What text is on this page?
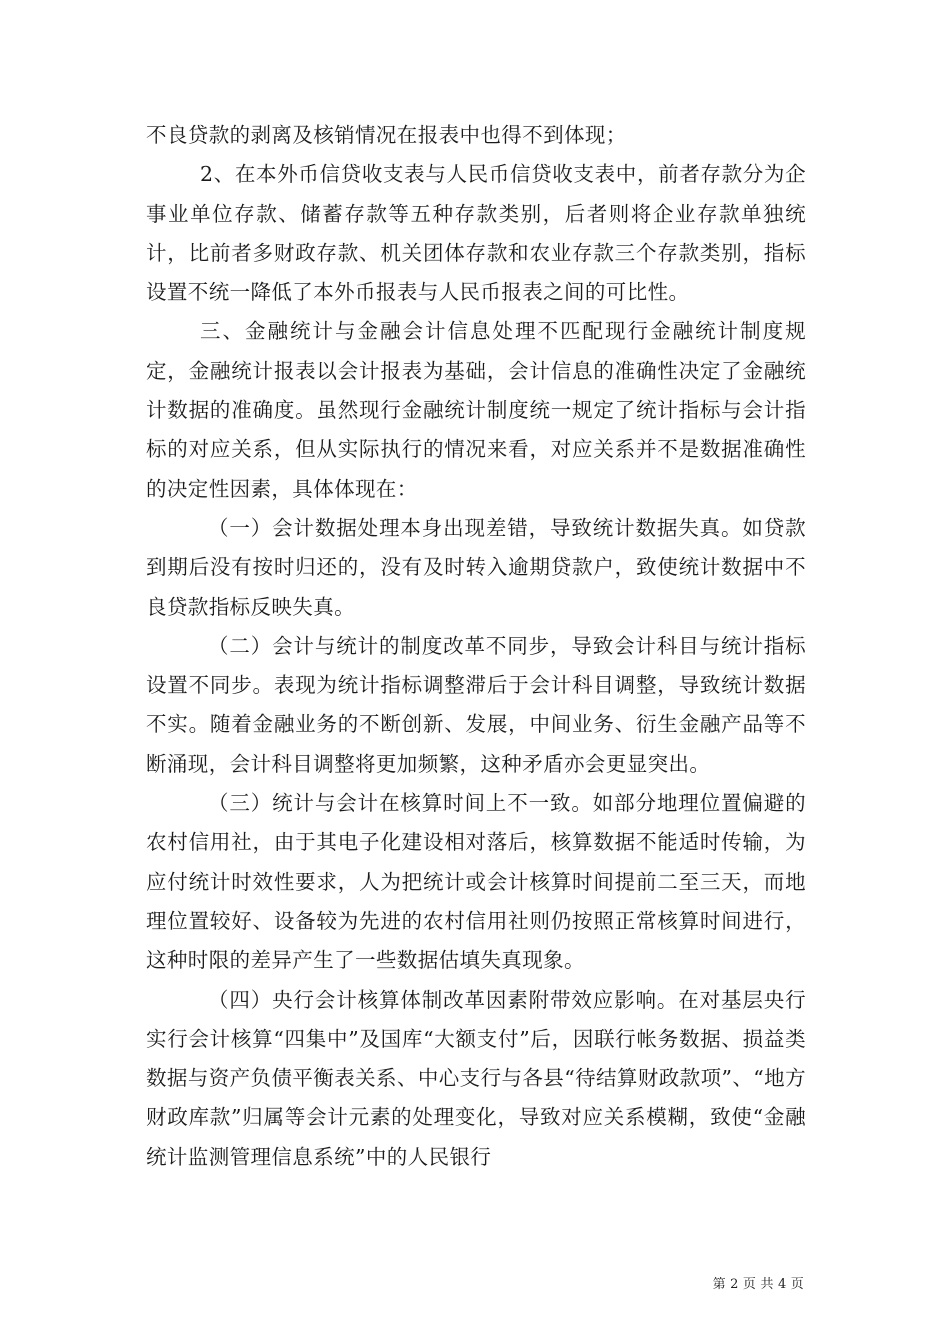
不良贷款的剥离及核销情况在报表中也得不到体现；

2、在本外币信贷收支表与人民币信贷收支表中，前者存款分为企事业单位存款、储蓄存款等五种存款类别，后者则将企业存款单独统计，比前者多财政存款、机关团体存款和农业存款三个存款类别，指标设置不统一降低了本外币报表与人民币报表之间的可比性。

三、金融统计与金融会计信息处理不匹配现行金融统计制度规定，金融统计报表以会计报表为基础，会计信息的准确性决定了金融统计数据的准确度。虽然现行金融统计制度统一规定了统计指标与会计指标的对应关系，但从实际执行的情况来看，对应关系并不是数据准确性的决定性因素，具体体现在：

（一）会计数据处理本身出现差错，导致统计数据失真。如贷款到期后没有按时归还的，没有及时转入逾期贷款户，致使统计数据中不良贷款指标反映失真。

（二）会计与统计的制度改革不同步，导致会计科目与统计指标设置不同步。表现为统计指标调整滞后于会计科目调整，导致统计数据不实。随着金融业务的不断创新、发展，中间业务、衍生金融产品等不断涌现，会计科目调整将更加频繁，这种矛盾亦会更显突出。

（三）统计与会计在核算时间上不一致。如部分地理位置偏避的农村信用社，由于其电子化建设相对落后，核算数据不能适时传输，为应付统计时效性要求，人为把统计或会计核算时间提前二至三天，而地理位置较好、设备较为先进的农村信用社则仍按照正常核算时间进行，这种时限的差异产生了一些数据估填失真现象。

（四）央行会计核算体制改革因素附带效应影响。在对基层央行实行会计核算“四集中”及国库“大额支付”后，因联行帐务数据、损益类数据与资产负债平衡表关系、中心支行与各县“待结算财政款项”、“地方财政库款”归属等会计元素的处理变化，导致对应关系模糊，致使“金融统计监测管理信息系统”中的人民银行

第 2 页 共 4 页
